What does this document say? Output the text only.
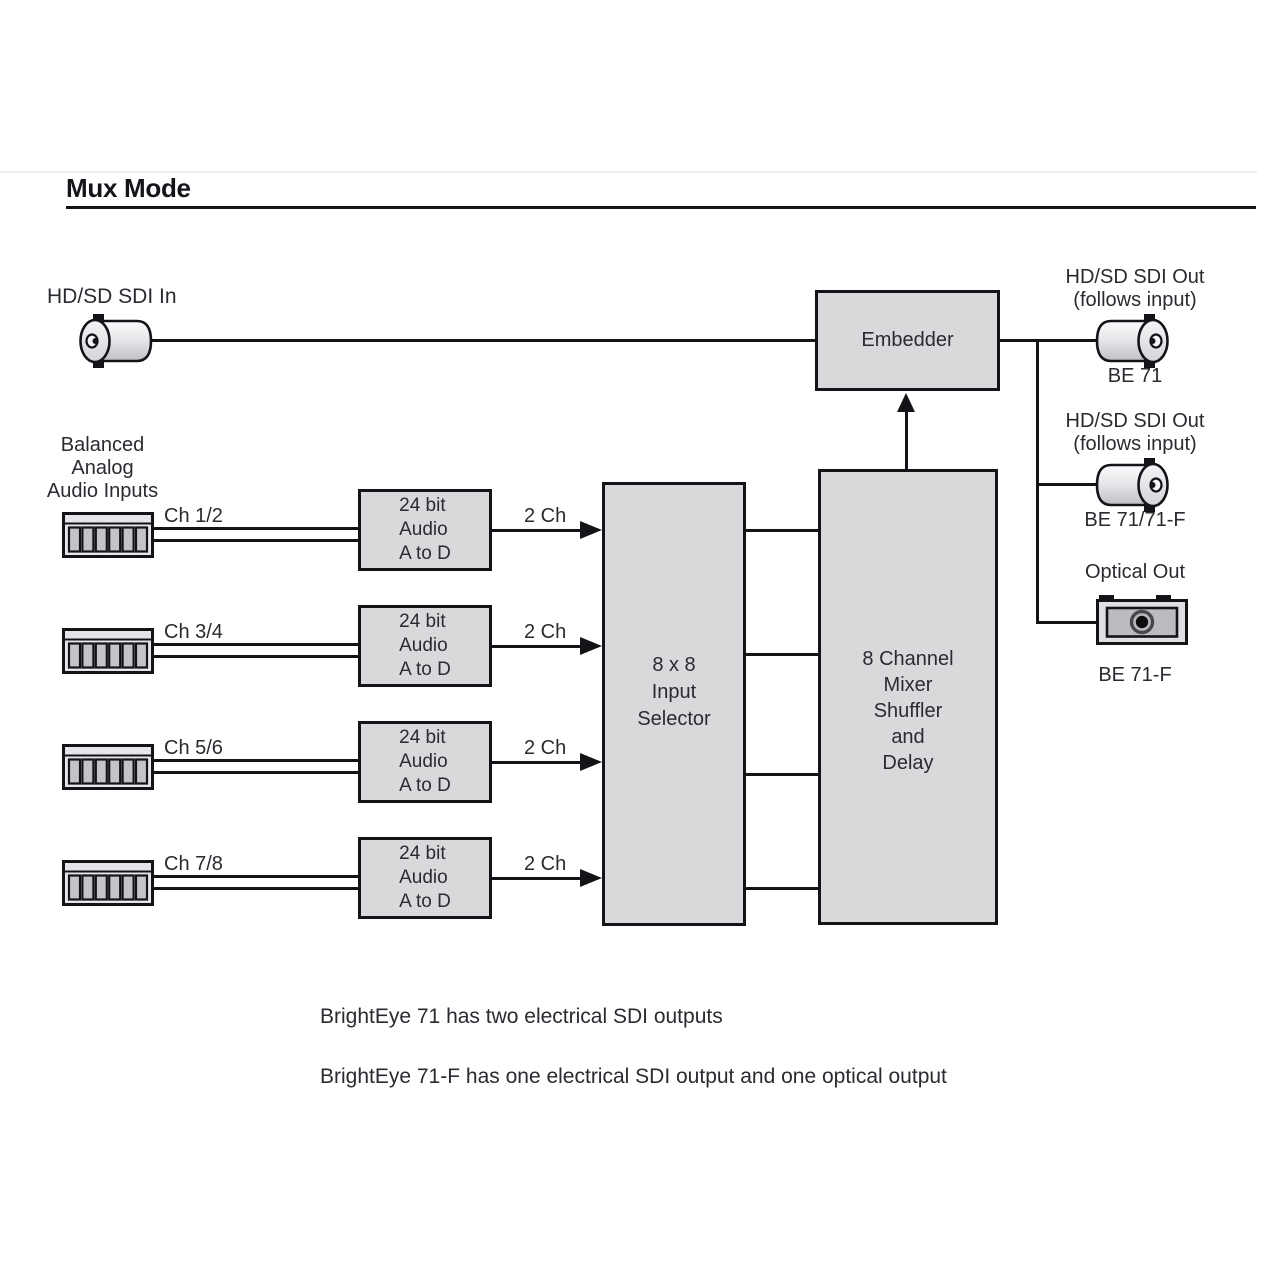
Mux Mode
HD/SD SDI In
Embedder
HD/SD SDI Out
(follows input)
BE 71
HD/SD SDI Out
(follows input)
BE 71/71-F
Optical Out
BE 71-F
Balanced
Analog
Audio Inputs
Ch 1/2	24 bit
Audio
A to D
2 Ch
Ch 3/4	24 bit
Audio
A to D
2 Ch
Ch 5/6	24 bit
Audio
A to D
2 Ch
Ch 7/8	24 bit
Audio
A to D
2 Ch
8 x 8
Input
Selector
8 Channel
Mixer
Shuffler
and
Delay
BrightEye 71 has two electrical SDI outputs
BrightEye 71-F has one electrical SDI output and one optical output
